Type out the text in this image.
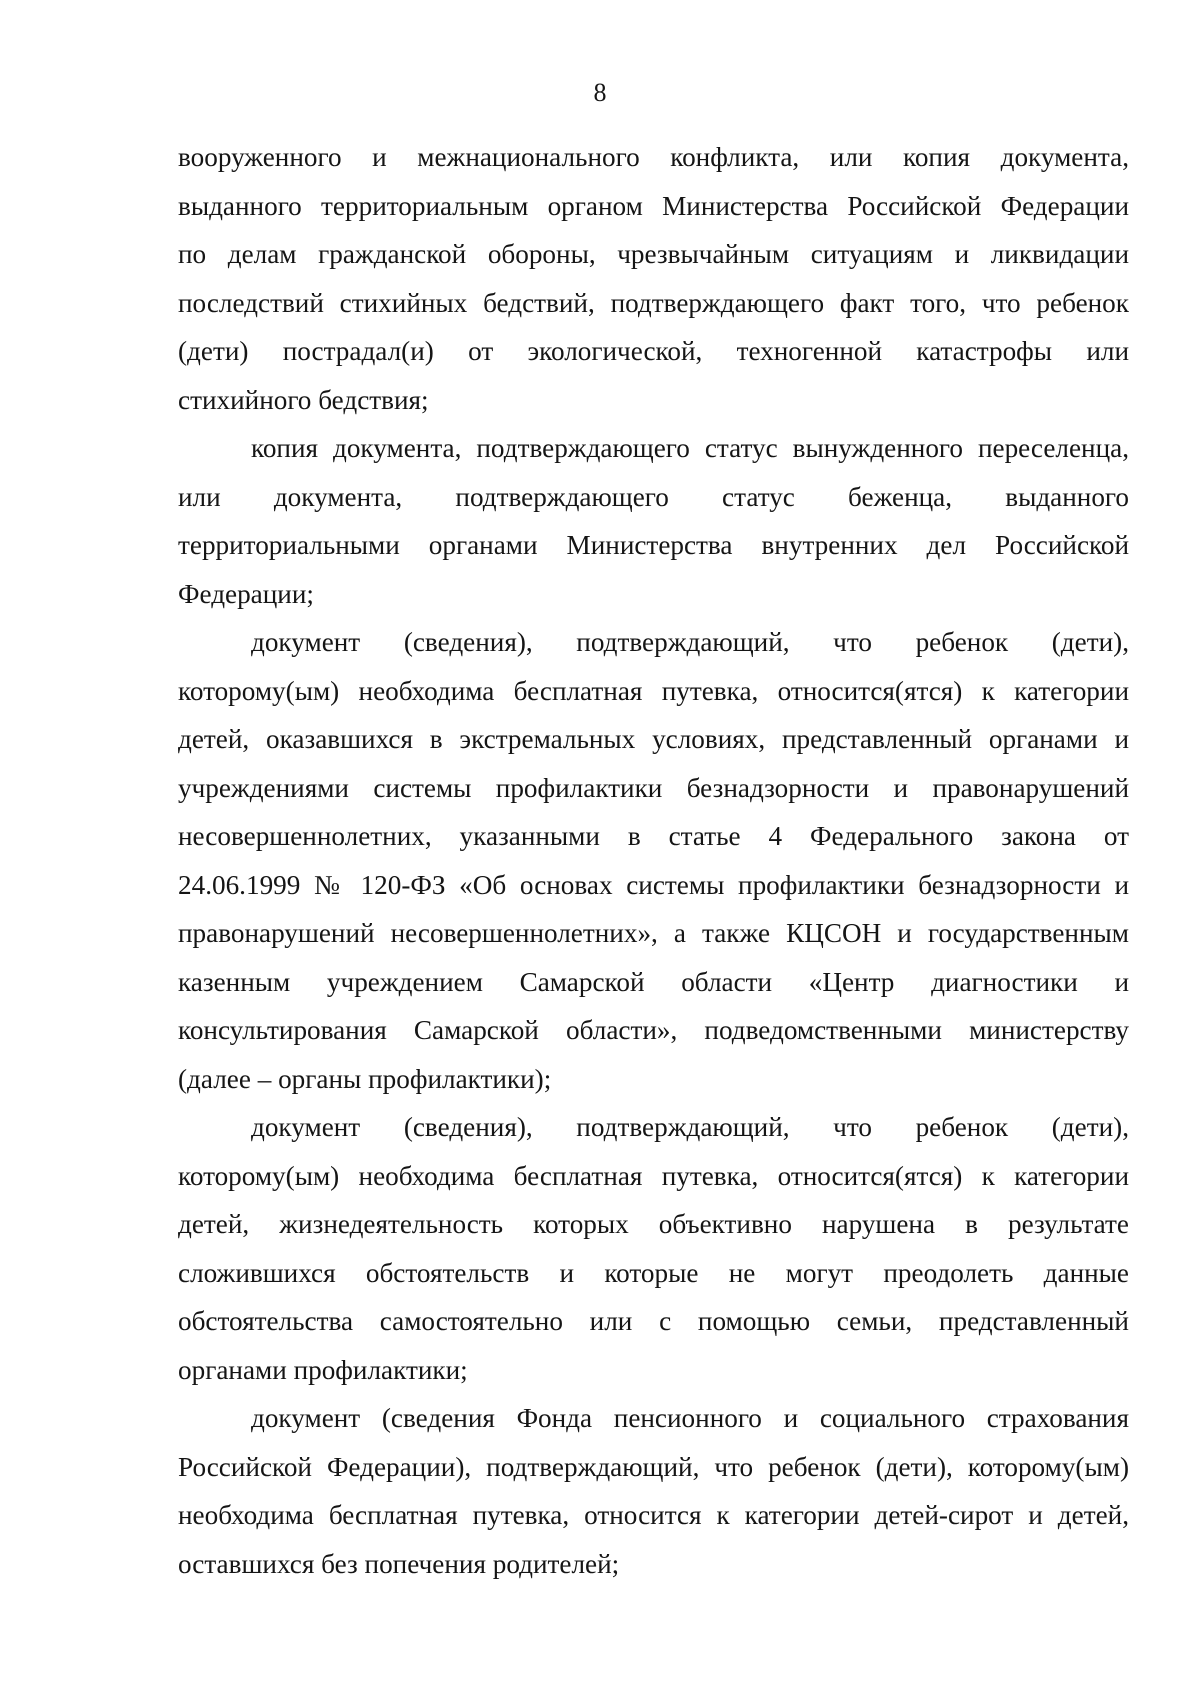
8
вооруженного и межнационального конфликта, или копия документа,
выданного территориальным органом Министерства Российской Федерации
по делам гражданской обороны, чрезвычайным ситуациям и ликвидации
последствий стихийных бедствий, подтверждающего факт того, что ребенок
(дети) пострадал(и) от экологической, техногенной катастрофы или
стихийного бедствия;
копия документа, подтверждающего статус вынужденного переселенца,
или документа, подтверждающего статус беженца, выданного
территориальными органами Министерства внутренних дел Российской
Федерации;
документ (сведения), подтверждающий, что ребенок (дети),
которому(ым) необходима бесплатная путевка, относится(ятся) к категории
детей, оказавшихся в экстремальных условиях, представленный органами и
учреждениями системы профилактики безнадзорности и правонарушений
несовершеннолетних, указанными в статье 4 Федерального закона от
24.06.1999 № 120-ФЗ «Об основах системы профилактики безнадзорности и
правонарушений несовершеннолетних», а также КЦСОН и государственным
казенным учреждением Самарской области «Центр диагностики и
консультирования Самарской области», подведомственными министерству
(далее – органы профилактики);
документ (сведения), подтверждающий, что ребенок (дети),
которому(ым) необходима бесплатная путевка, относится(ятся) к категории
детей, жизнедеятельность которых объективно нарушена в результате
сложившихся обстоятельств и которые не могут преодолеть данные
обстоятельства самостоятельно или с помощью семьи, представленный
органами профилактики;
документ (сведения Фонда пенсионного и социального страхования
Российской Федерации), подтверждающий, что ребенок (дети), которому(ым)
необходима бесплатная путевка, относится к категории детей-сирот и детей,
оставшихся без попечения родителей;
